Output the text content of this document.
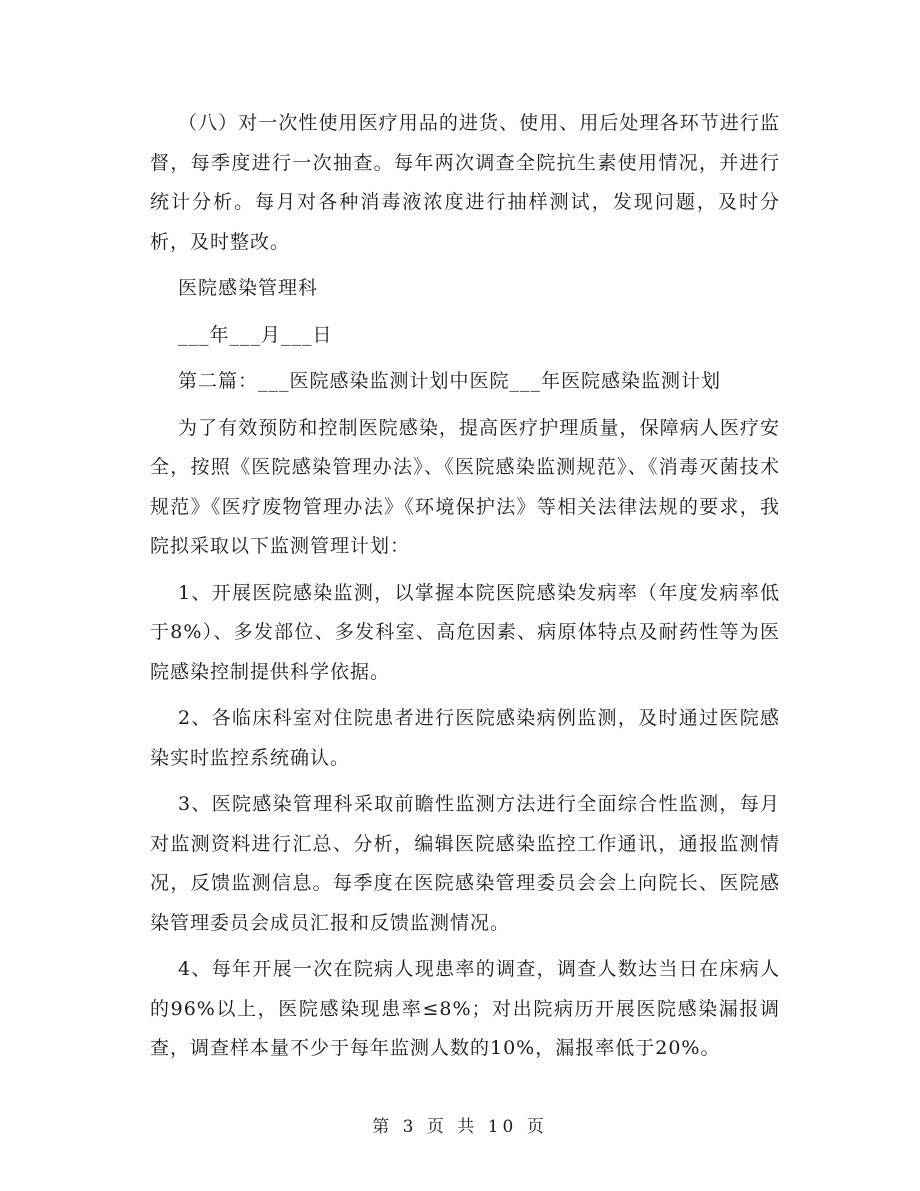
（八）对一次性使用医疗用品的进货、使用、用后处理各环节进行监督，每季度进行一次抽查。每年两次调查全院抗生素使用情况，并进行统计分析。每月对各种消毒液浓度进行抽样测试，发现问题，及时分析，及时整改。

医院感染管理科

___年___月___日

第二篇：___医院感染监测计划中医院___年医院感染监测计划

为了有效预防和控制医院感染，提高医疗护理质量，保障病人医疗安全，按照《医院感染管理办法》、《医院感染监测规范》、《消毒灭菌技术规范》《医疗废物管理办法》《环境保护法》等相关法律法规的要求，我院拟采取以下监测管理计划：

1、开展医院感染监测，以掌握本院医院感染发病率（年度发病率低于8%）、多发部位、多发科室、高危因素、病原体特点及耐药性等为医院感染控制提供科学依据。

2、各临床科室对住院患者进行医院感染病例监测，及时通过医院感染实时监控系统确认。

3、医院感染管理科采取前瞻性监测方法进行全面综合性监测，每月对监测资料进行汇总、分析，编辑医院感染监控工作通讯，通报监测情况，反馈监测信息。每季度在医院感染管理委员会会上向院长、医院感染管理委员会成员汇报和反馈监测情况。

4、每年开展一次在院病人现患率的调查，调查人数达当日在床病人的96%以上，医院感染现患率≤8%；对出院病历开展医院感染漏报调查，调查样本量不少于每年监测人数的10%，漏报率低于20%。

第 3 页 共 10 页
